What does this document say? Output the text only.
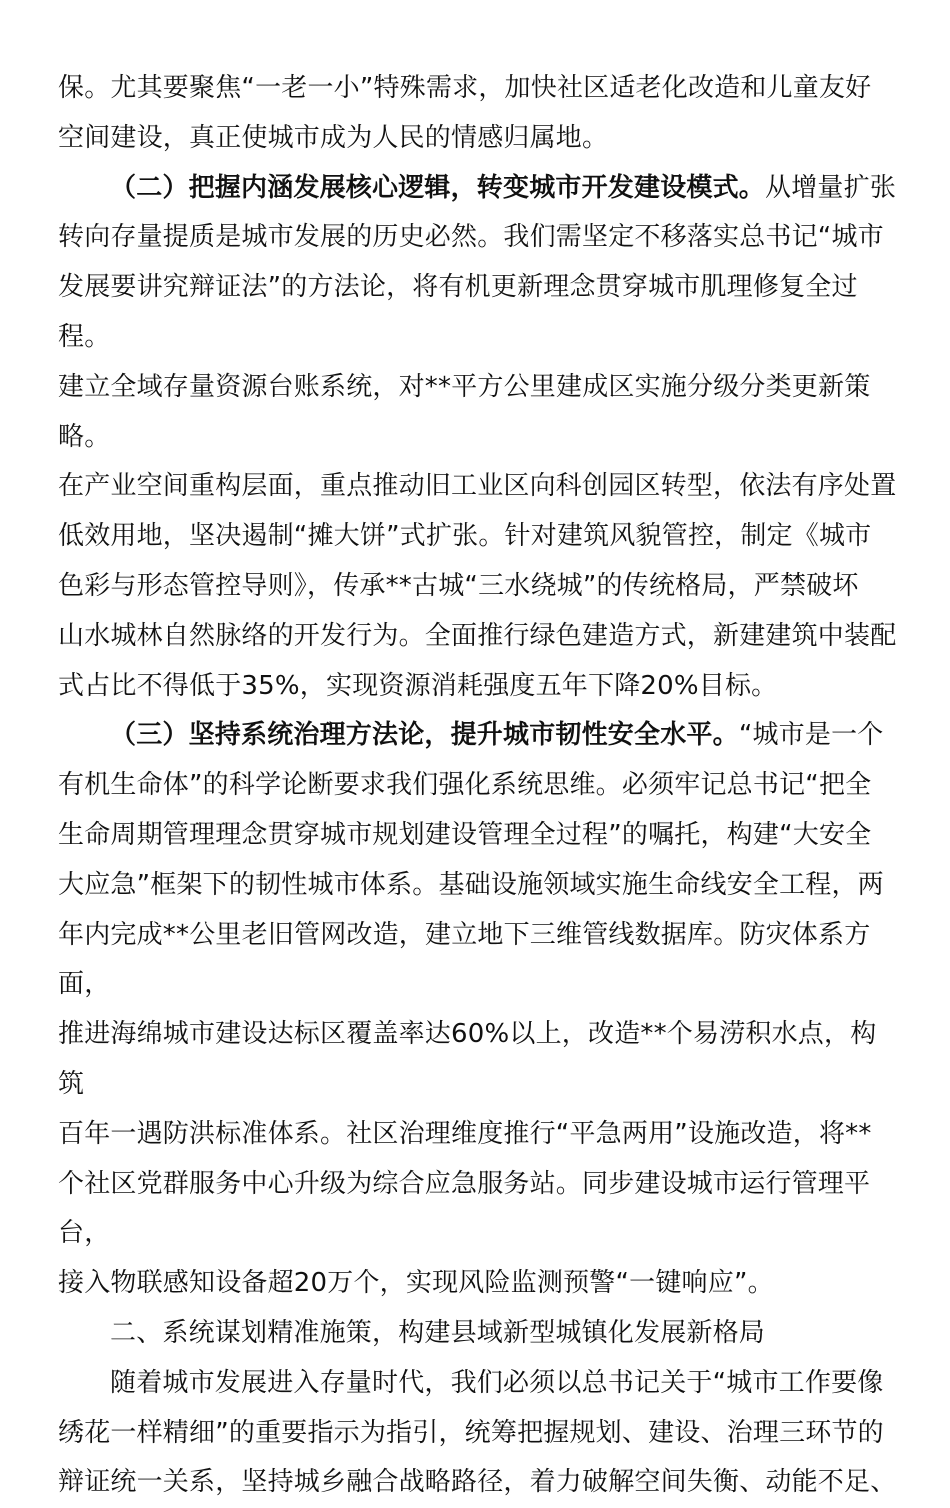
保。尤其要聚焦“一老一小”特殊需求，加快社区适老化改造和儿童友好
空间建设，真正使城市成为人民的情感归属地。
（二）把握内涵发展核心逻辑，转变城市开发建设模式。从增量扩张
转向存量提质是城市发展的历史必然。我们需坚定不移落实总书记“城市
发展要讲究辩证法”的方法论，将有机更新理念贯穿城市肌理修复全过程。
建立全域存量资源台账系统，对**平方公里建成区实施分级分类更新策略。
在产业空间重构层面，重点推动旧工业区向科创园区转型，依法有序处置
低效用地，坚决遏制“摊大饼”式扩张。针对建筑风貌管控，制定《城市
色彩与形态管控导则》，传承**古城“三水绕城”的传统格局，严禁破坏
山水城林自然脉络的开发行为。全面推行绿色建造方式，新建建筑中装配
式占比不得低于35%，实现资源消耗强度五年下降20%目标。
（三）坚持系统治理方法论，提升城市韧性安全水平。“城市是一个
有机生命体”的科学论断要求我们强化系统思维。必须牢记总书记“把全
生命周期管理理念贯穿城市规划建设管理全过程”的嘱托，构建“大安全
大应急”框架下的韧性城市体系。基础设施领域实施生命线安全工程，两
年内完成**公里老旧管网改造，建立地下三维管线数据库。防灾体系方面，
推进海绵城市建设达标区覆盖率达60%以上，改造**个易涝积水点，构筑
百年一遇防洪标准体系。社区治理维度推行“平急两用”设施改造，将**
个社区党群服务中心升级为综合应急服务站。同步建设城市运行管理平台，
接入物联感知设备超20万个，实现风险监测预警“一键响应”。
二、系统谋划精准施策，构建县域新型城镇化发展新格局
随着城市发展进入存量时代，我们必须以总书记关于“城市工作要像
绣花一样精细”的重要指示为指引，统筹把握规划、建设、治理三环节的
辩证统一关系，坚持城乡融合战略路径，着力破解空间失衡、动能不足、
